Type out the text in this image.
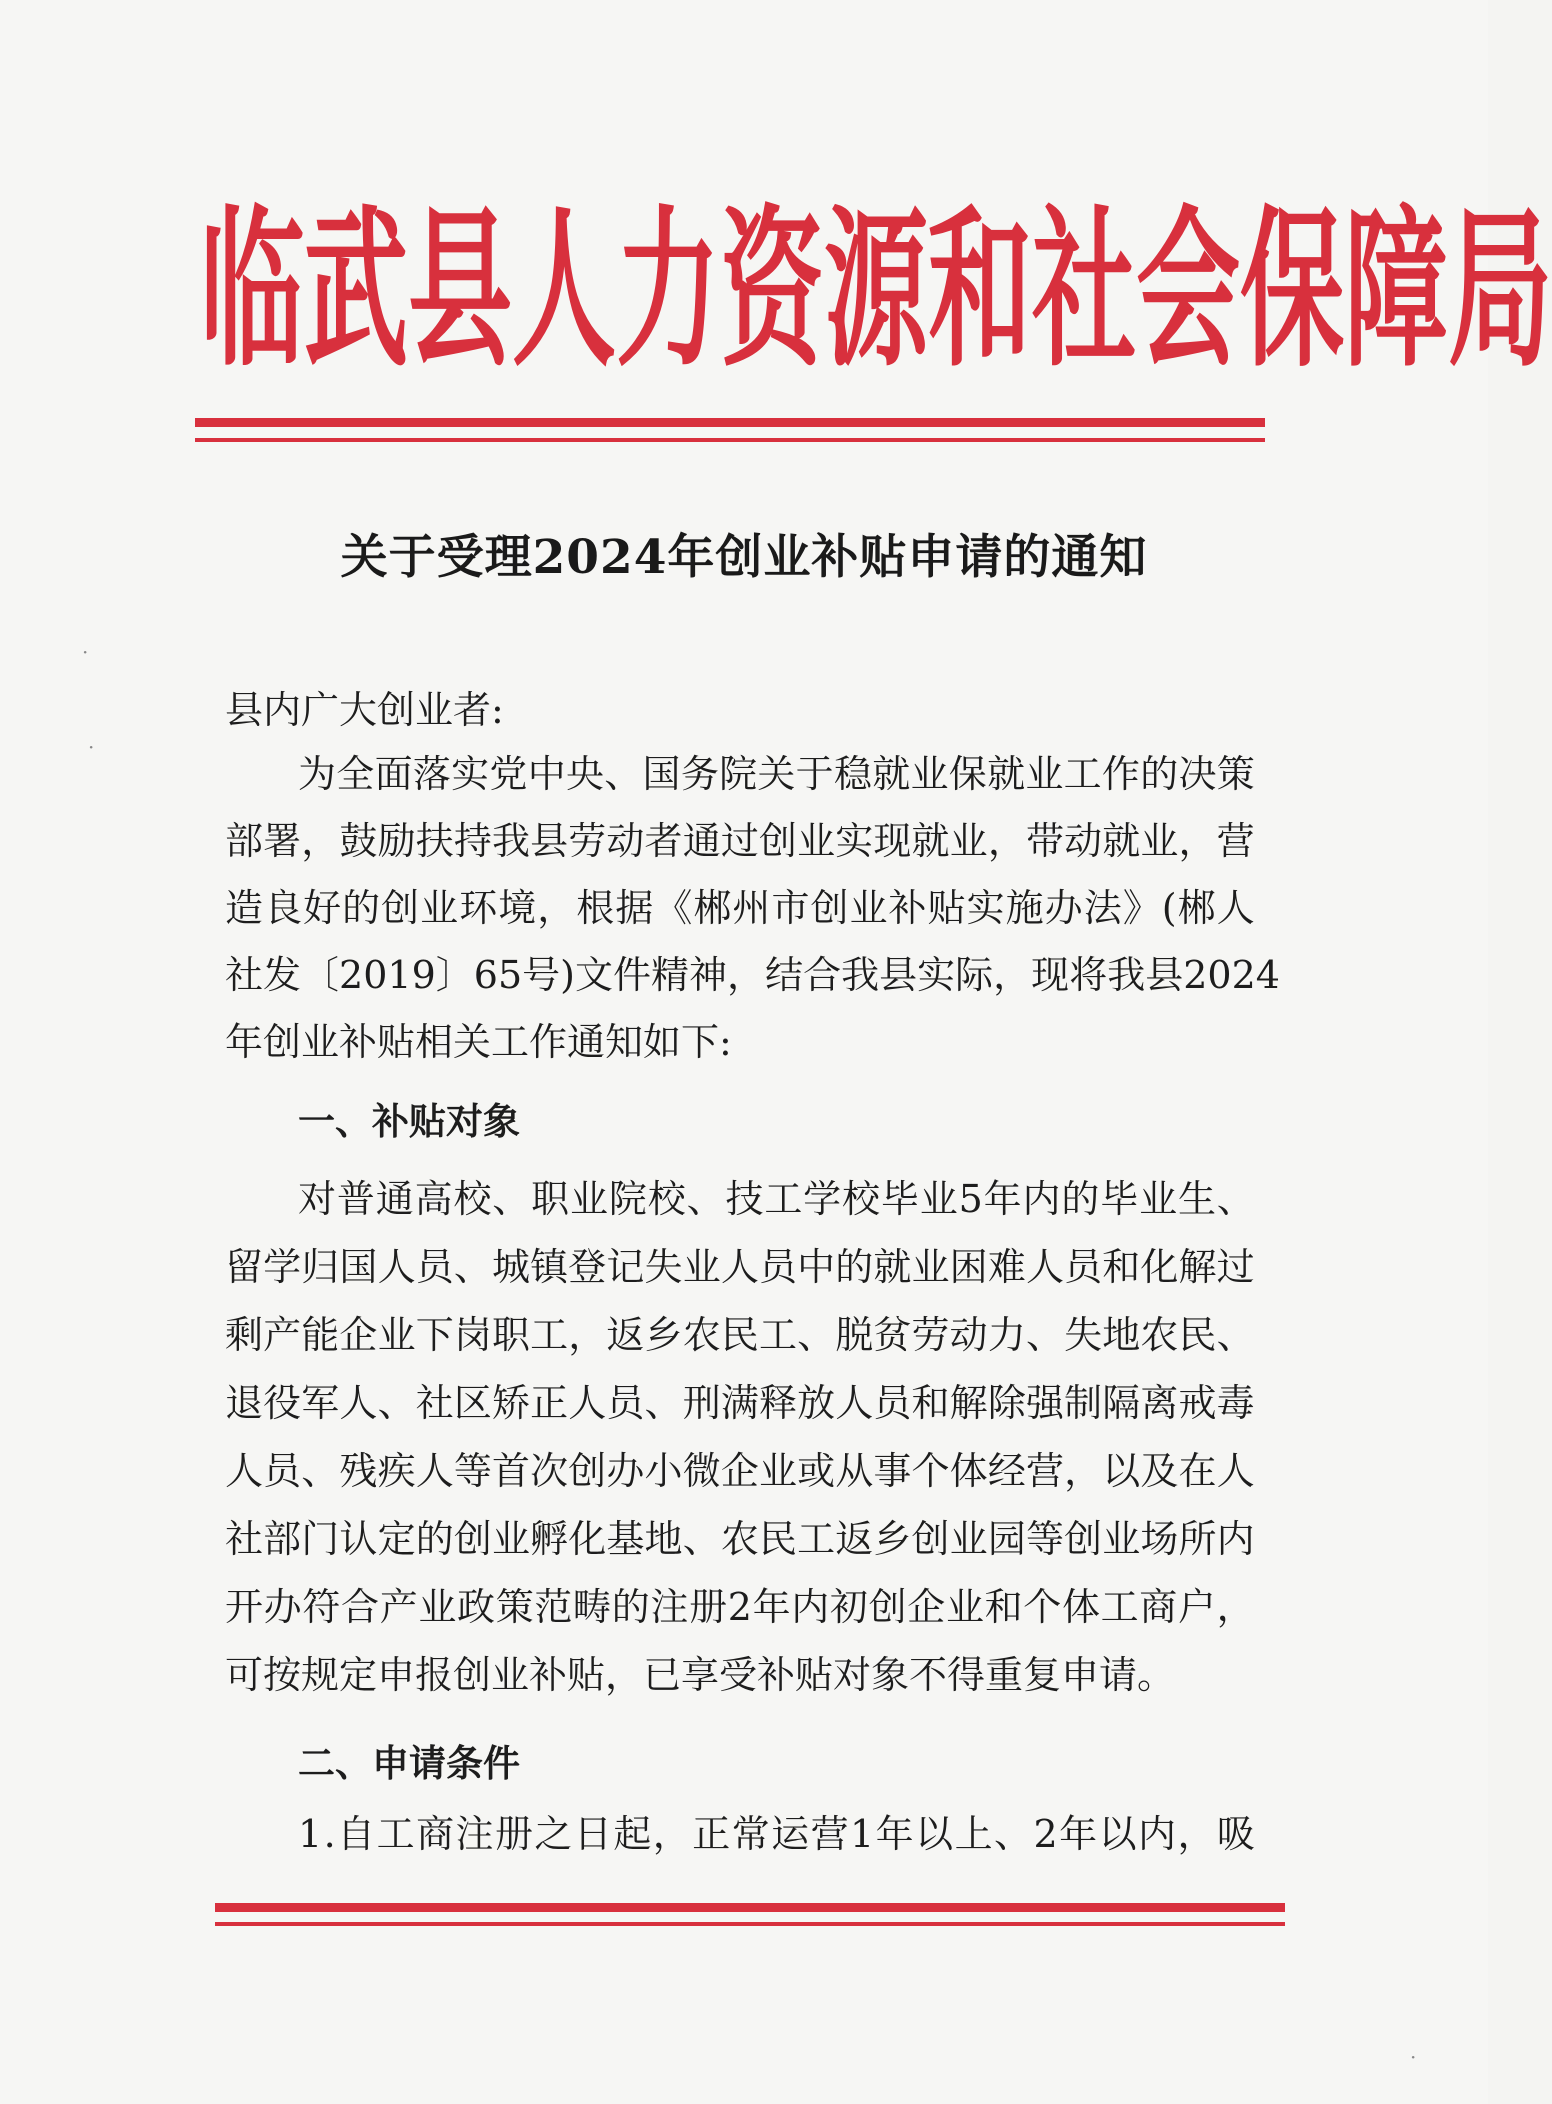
临 武 县 人 力 资 源 和 社 会 保 障 局
关于受理2024年创业补贴申请的通知
县内广大创业者:
为 全 面 落 实 党 中 央 、 国 务 院 关 于 稳 就 业 保 就 业 工 作 的 决 策
部 署 ， 鼓 励 扶 持 我 县 劳 动 者 通 过 创 业 实 现 就 业 ， 带 动 就 业 ， 营
造 良 好 的 创 业 环 境 ， 根 据 《 郴 州 市 创 业 补 贴 实 施 办 法 》 ( 郴 人
社 发 〔 2019 〕 65 号 ) 文 件 精 神 ， 结 合 我 县 实 际 ， 现 将 我 县 2024
年创业补贴相关工作通知如下:
一、补贴对象
对 普 通 高 校 、 职 业 院 校 、 技 工 学 校 毕 业 5 年 内 的 毕 业 生 、
留 学 归 国 人 员 、 城 镇 登 记 失 业 人 员 中 的 就 业 困 难 人 员 和 化 解 过
剩 产 能 企 业 下 岗 职 工 ， 返 乡 农 民 工 、 脱 贫 劳 动 力 、 失 地 农 民 、
退 役 军 人 、 社 区 矫 正 人 员 、 刑 满 释 放 人 员 和 解 除 强 制 隔 离 戒 毒
人 员 、 残 疾 人 等 首 次 创 办 小 微 企 业 或 从 事 个 体 经 营 ， 以 及 在 人
社 部 门 认 定 的 创 业 孵 化 基 地 、 农 民 工 返 乡 创 业 园 等 创 业 场 所 内
开 办 符 合 产 业 政 策 范 畴 的 注 册 2 年 内 初 创 企 业 和 个 体 工 商 户 ，
可按规定申报创业补贴，已享受补贴对象不得重复申请。
二、申请条件
1 . 自 工 商 注 册 之 日 起 ， 正 常 运 营 1 年 以 上 、 2 年 以 内 ， 吸
·
·
·
